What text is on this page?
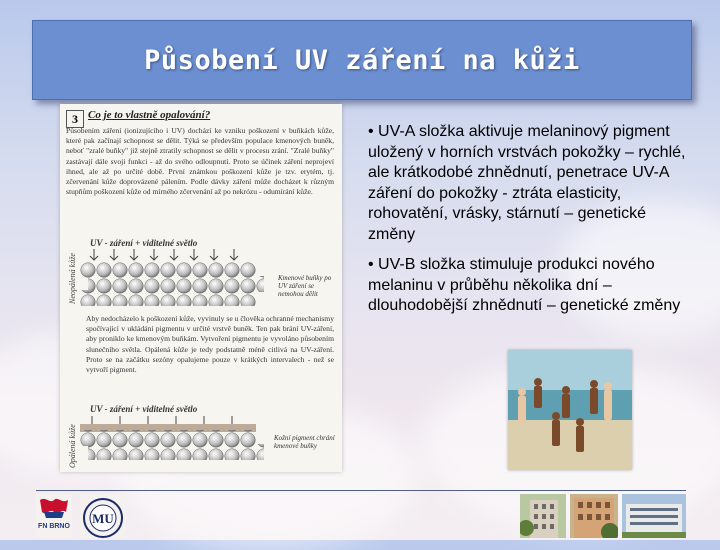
Působení UV záření na kůži
3 Co je to vlastně opalování?
Působením záření (ionizujícího i UV) dochází ke vzniku poškození v buňkách kůže, které pak začínají schopnost se dělit. Týká se především populace kmenových buněk, neboť "zralé buňky" již stejně ztratily schopnost se dělit v procesu zrání. "Zralé buňky" zastávají dále svoji funkci - až do svého odloupnutí. Proto se účinek záření neprojeví ihned, ale až po určité době. První známkou poškození kůže je tzv. erytém, tj. zčervenání kůže doprovázené pálením. Podle dávky záření může docházet k různým stupňům poškození kůže od mírného zčervenání až po nekrózu - odumírání kůže.
UV - záření + viditelné světlo
Neopálená kůže	Kmenové buňky po UV záření se nemohou dělit
Aby nedocházelo k poškození kůže, vyvinuly se u člověka ochranné mechanismy spočívající v ukládání pigmentu v určité vrstvě buněk. Ten pak brání UV-záření, aby proniklo ke kmenovým buňkám. Vytvoření pigmentu je vyvoláno působením slunečního světla. Opálená kůže je tedy podstatně méně citlivá na UV-záření. Proto se na začátku sezóny opalujeme pouze v krátkých intervalech - než se vytvoří pigment.
UV - záření + viditelné světlo
Opálená kůže	Kožní pigment chrání kmenové buňky
• UV-A složka aktivuje melaninový pigment uložený v horních vrstvách pokožky – rychlé, ale krátkodobé zhnědnutí, penetrace UV-A záření do pokožky - ztráta elasticity, rohovatění, vrásky, stárnutí – genetické změny
• UV-B složka stimuluje produkci nového melaninu v průběhu několika dní – dlouhodobější zhnědnutí – genetické změny
FN BRNO
MU
